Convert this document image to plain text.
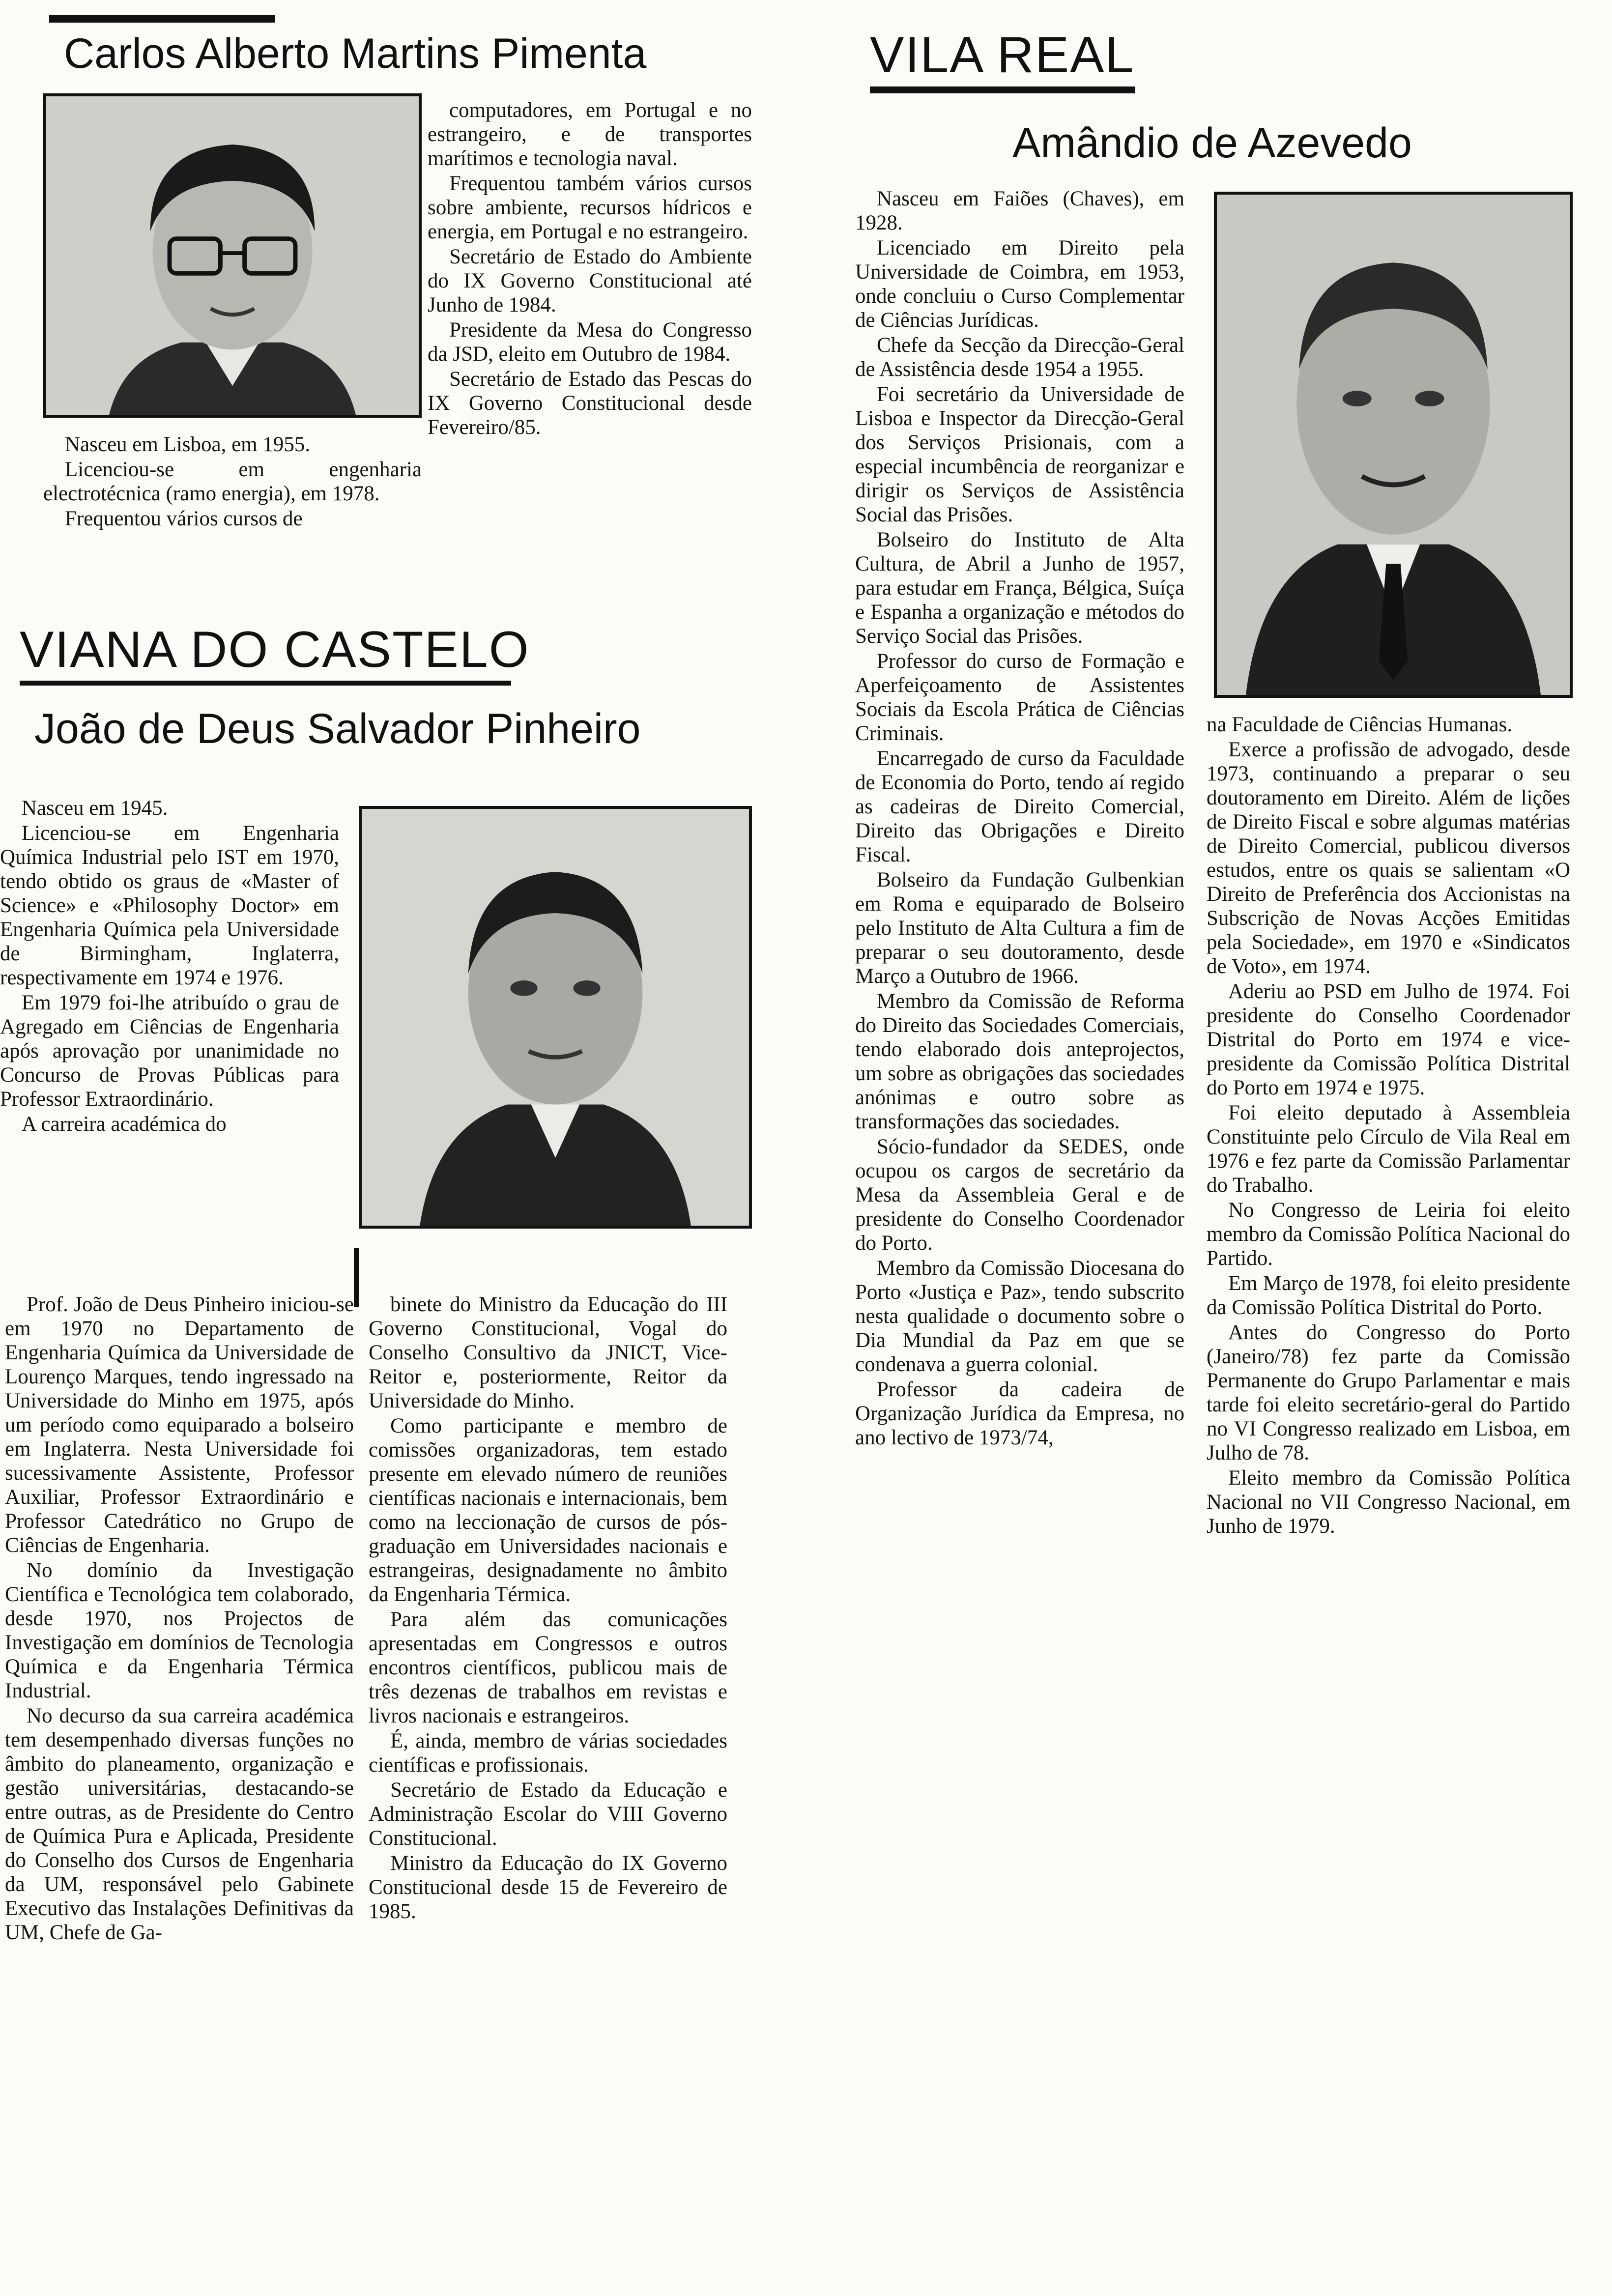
Carlos Alberto Martins Pimenta

Nasceu em Lisboa, em 1955.

Licenciou-se em engenharia electrotécnica (ramo energia), em 1978.

Frequentou vários cursos de

computadores, em Portugal e no estrangeiro, e de transportes marítimos e tecnologia naval.

Frequentou também vários cursos sobre ambiente, recursos hídricos e energia, em Portugal e no estrangeiro.

Secretário de Estado do Ambiente do IX Governo Constitucional até Junho de 1984.

Presidente da Mesa do Congresso da JSD, eleito em Outubro de 1984.

Secretário de Estado das Pescas do IX Governo Constitucional desde Fevereiro/85.

VIANA DO CASTELO
João de Deus Salvador Pinheiro

Nasceu em 1945.

Licenciou-se em Engenharia Química Industrial pelo IST em 1970, tendo obtido os graus de «Master of Science» e «Philosophy Doctor» em Engenharia Química pela Universidade de Birmingham, Inglaterra, respectivamente em 1974 e 1976.

Em 1979 foi-lhe atribuído o grau de Agregado em Ciências de Engenharia após aprovação por unanimidade no Concurso de Provas Públicas para Professor Extraordinário.

A carreira académica do

Prof. João de Deus Pinheiro iniciou-se em 1970 no Departamento de Engenharia Química da Universidade de Lourenço Marques, tendo ingressado na Universidade do Minho em 1975, após um período como equiparado a bolseiro em Inglaterra. Nesta Universidade foi sucessivamente Assistente, Professor Auxiliar, Professor Extraordinário e Professor Catedrático no Grupo de Ciências de Engenharia.

No domínio da Investigação Científica e Tecnológica tem colaborado, desde 1970, nos Projectos de Investigação em domínios de Tecnologia Química e da Engenharia Térmica Industrial.

No decurso da sua carreira académica tem desempenhado diversas funções no âmbito do planeamento, organização e gestão universitárias, destacando-se entre outras, as de Presidente do Centro de Química Pura e Aplicada, Presidente do Conselho dos Cursos de Engenharia da UM, responsável pelo Gabinete Executivo das Instalações Definitivas da UM, Chefe de Ga-

binete do Ministro da Educação do III Governo Constitucional, Vogal do Conselho Consultivo da JNICT, Vice-Reitor e, posteriormente, Reitor da Universidade do Minho.

Como participante e membro de comissões organizadoras, tem estado presente em elevado número de reuniões científicas nacionais e internacionais, bem como na leccionação de cursos de pós-graduação em Universidades nacionais e estrangeiras, designadamente no âmbito da Engenharia Térmica.

Para além das comunicações apresentadas em Congressos e outros encontros científicos, publicou mais de três dezenas de trabalhos em revistas e livros nacionais e estrangeiros.

É, ainda, membro de várias sociedades científicas e profissionais.

Secretário de Estado da Educação e Administração Escolar do VIII Governo Constitucional.

Ministro da Educação do IX Governo Constitucional desde 15 de Fevereiro de 1985.

VILA REAL
Amândio de Azevedo

Nasceu em Faiões (Chaves), em 1928.

Licenciado em Direito pela Universidade de Coimbra, em 1953, onde concluiu o Curso Complementar de Ciências Jurídicas.

Chefe da Secção da Direcção-Geral de Assistência desde 1954 a 1955.

Foi secretário da Universidade de Lisboa e Inspector da Direcção-Geral dos Serviços Prisionais, com a especial incumbência de reorganizar e dirigir os Serviços de Assistência Social das Prisões.

Bolseiro do Instituto de Alta Cultura, de Abril a Junho de 1957, para estudar em França, Bélgica, Suíça e Espanha a organização e métodos do Serviço Social das Prisões.

Professor do curso de Formação e Aperfeiçoamento de Assistentes Sociais da Escola Prática de Ciências Criminais.

Encarregado de curso da Faculdade de Economia do Porto, tendo aí regido as cadeiras de Direito Comercial, Direito das Obrigações e Direito Fiscal.

Bolseiro da Fundação Gulbenkian em Roma e equiparado de Bolseiro pelo Instituto de Alta Cultura a fim de preparar o seu doutoramento, desde Março a Outubro de 1966.

Membro da Comissão de Reforma do Direito das Sociedades Comerciais, tendo elaborado dois anteprojectos, um sobre as obrigações das sociedades anónimas e outro sobre as transformações das sociedades.

Sócio-fundador da SEDES, onde ocupou os cargos de secretário da Mesa da Assembleia Geral e de presidente do Conselho Coordenador do Porto.

Membro da Comissão Diocesana do Porto «Justiça e Paz», tendo subscrito nesta qualidade o documento sobre o Dia Mundial da Paz em que se condenava a guerra colonial.

Professor da cadeira de Organização Jurídica da Empresa, no ano lectivo de 1973/74,

na Faculdade de Ciências Humanas.

Exerce a profissão de advogado, desde 1973, continuando a preparar o seu doutoramento em Direito. Além de lições de Direito Fiscal e sobre algumas matérias de Direito Comercial, publicou diversos estudos, entre os quais se salientam «O Direito de Preferência dos Accionistas na Subscrição de Novas Acções Emitidas pela Sociedade», em 1970 e «Sindicatos de Voto», em 1974.

Aderiu ao PSD em Julho de 1974. Foi presidente do Conselho Coordenador Distrital do Porto em 1974 e vice-presidente da Comissão Política Distrital do Porto em 1974 e 1975.

Foi eleito deputado à Assembleia Constituinte pelo Círculo de Vila Real em 1976 e fez parte da Comissão Parlamentar do Trabalho.

No Congresso de Leiria foi eleito membro da Comissão Política Nacional do Partido.

Em Março de 1978, foi eleito presidente da Comissão Política Distrital do Porto.

Antes do Congresso do Porto (Janeiro/78) fez parte da Comissão Permanente do Grupo Parlamentar e mais tarde foi eleito secretário-geral do Partido no VI Congresso realizado em Lisboa, em Julho de 78.

Eleito membro da Comissão Política Nacional no VII Congresso Nacional, em Junho de 1979.
